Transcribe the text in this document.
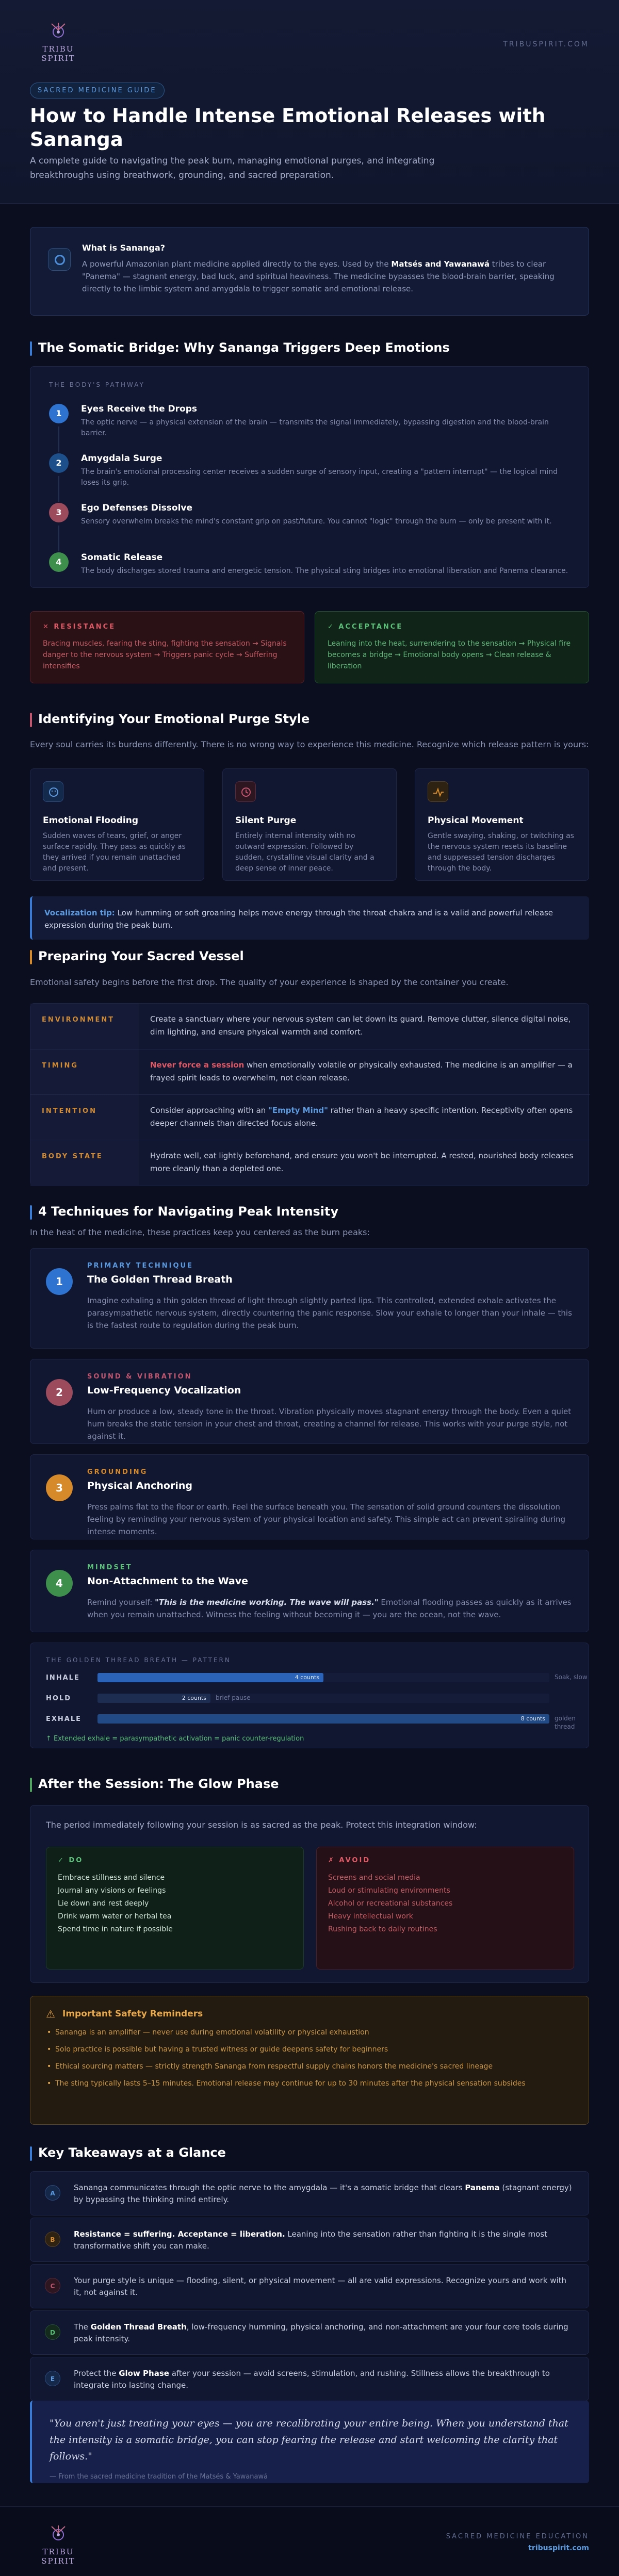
TRIBU SPIRIT
TRIBUSPIRIT.COM
SACRED MEDICINE GUIDE
How to Handle Intense Emotional Releases with Sananga

A complete guide to navigating the peak burn, managing emotional purges, and integrating breakthroughs using breathwork, grounding, and sacred preparation.

What is Sananga?

A powerful Amazonian plant medicine applied directly to the eyes. Used by the Matsés and Yawanawá tribes to clear "Panema" — stagnant energy, bad luck, and spiritual heaviness. The medicine bypasses the blood-brain barrier, speaking directly to the limbic system and amygdala to trigger somatic and emotional release.

The Somatic Bridge: Why Sananga Triggers Deep Emotions
THE BODY'S PATHWAY
1	Eyes Receive the Drops

The optic nerve — a physical extension of the brain — transmits the signal immediately, bypassing digestion and the blood-brain barrier.

2	Amygdala Surge

The brain's emotional processing center receives a sudden surge of sensory input, creating a "pattern interrupt" — the logical mind loses its grip.

3	Ego Defenses Dissolve

Sensory overwhelm breaks the mind's constant grip on past/future. You cannot "logic" through the burn — only be present with it.

4	Somatic Release

The body discharges stored trauma and energetic tension. The physical sting bridges into emotional liberation and Panema clearance.

✕ RESISTANCE

Bracing muscles, fearing the sting, fighting the sensation → Signals danger to the nervous system → Triggers panic cycle → Suffering intensifies

✓ ACCEPTANCE

Leaning into the heat, surrendering to the sensation → Physical fire becomes a bridge → Emotional body opens → Clean release & liberation

Identifying Your Emotional Purge Style

Every soul carries its burdens differently. There is no wrong way to experience this medicine. Recognize which release pattern is yours:

Emotional Flooding

Sudden waves of tears, grief, or anger surface rapidly. They pass as quickly as they arrived if you remain unattached and present.

Silent Purge

Entirely internal intensity with no outward expression. Followed by sudden, crystalline visual clarity and a deep sense of inner peace.

Physical Movement

Gentle swaying, shaking, or twitching as the nervous system resets its baseline and suppressed tension discharges through the body.

Vocalization tip: Low humming or soft groaning helps move energy through the throat chakra and is a valid and powerful release expression during the peak burn.

Preparing Your Sacred Vessel

Emotional safety begins before the first drop. The quality of your experience is shaped by the container you create.

ENVIRONMENT	Create a sanctuary where your nervous system can let down its guard. Remove clutter, silence digital noise, dim lighting, and ensure physical warmth and comfort.

TIMING	Never force a session when emotionally volatile or physically exhausted. The medicine is an amplifier — a frayed spirit leads to overwhelm, not clean release.

INTENTION	Consider approaching with an "Empty Mind" rather than a heavy specific intention. Receptivity often opens deeper channels than directed focus alone.

BODY STATE	Hydrate well, eat lightly beforehand, and ensure you won't be interrupted. A rested, nourished body releases more cleanly than a depleted one.

4 Techniques for Navigating Peak Intensity

In the heat of the medicine, these practices keep you centered as the burn peaks:

1
PRIMARY TECHNIQUE
The Golden Thread Breath

Imagine exhaling a thin golden thread of light through slightly parted lips. This controlled, extended exhale activates the parasympathetic nervous system, directly countering the panic response. Slow your exhale to longer than your inhale — this is the fastest route to regulation during the peak burn.

2
SOUND & VIBRATION
Low-Frequency Vocalization

Hum or produce a low, steady tone in the throat. Vibration physically moves stagnant energy through the body. Even a quiet hum breaks the static tension in your chest and throat, creating a channel for release. This works with your purge style, not against it.

3
GROUNDING
Physical Anchoring

Press palms flat to the floor or earth. Feel the surface beneath you. The sensation of solid ground counters the dissolution feeling by reminding your nervous system of your physical location and safety. This simple act can prevent spiraling during intense moments.

4
MINDSET
Non-Attachment to the Wave

Remind yourself: "This is the medicine working. The wave will pass." Emotional flooding passes as quickly as it arrives when you remain unattached. Witness the feeling without becoming it — you are the ocean, not the wave.

THE GOLDEN THREAD BREATH — PATTERN
INHALE	4 counts	Soak, slow
HOLD	2 counts	brief pause
EXHALE	8 counts	golden thread
↑ Extended exhale = parasympathetic activation = panic counter-regulation
After the Session: The Glow Phase

The period immediately following your session is as sacred as the peak. Protect this integration window:

✓ DO
Embrace stillness and silence
Journal any visions or feelings
Lie down and rest deeply
Drink warm water or herbal tea
Spend time in nature if possible
✗ AVOID
Screens and social media
Loud or stimulating environments
Alcohol or recreational substances
Heavy intellectual work
Rushing back to daily routines
⚠ Important Safety Reminders
• Sananga is an amplifier — never use during emotional volatility or physical exhaustion
• Solo practice is possible but having a trusted witness or guide deepens safety for beginners
• Ethical sourcing matters — strictly strength Sananga from respectful supply chains honors the medicine's sacred lineage
• The sting typically lasts 5–15 minutes. Emotional release may continue for up to 30 minutes after the physical sensation subsides
Key Takeaways at a Glance
A

Sananga communicates through the optic nerve to the amygdala — it's a somatic bridge that clears Panema (stagnant energy) by bypassing the thinking mind entirely.

B

Resistance = suffering. Acceptance = liberation. Leaning into the sensation rather than fighting it is the single most transformative shift you can make.

C

Your purge style is unique — flooding, silent, or physical movement — all are valid expressions. Recognize yours and work with it, not against it.

D

The Golden Thread Breath, low-frequency humming, physical anchoring, and non-attachment are your four core tools during peak intensity.

E

Protect the Glow Phase after your session — avoid screens, stimulation, and rushing. Stillness allows the breakthrough to integrate into lasting change.

"You aren't just treating your eyes — you are recalibrating your entire being. When you understand that the intensity is a somatic bridge, you can stop fearing the release and start welcoming the clarity that follows."

— From the sacred medicine tradition of the Matsés & Yawanawá
TRIBU SPIRIT
SACRED MEDICINE EDUCATION
tribuspirit.com
